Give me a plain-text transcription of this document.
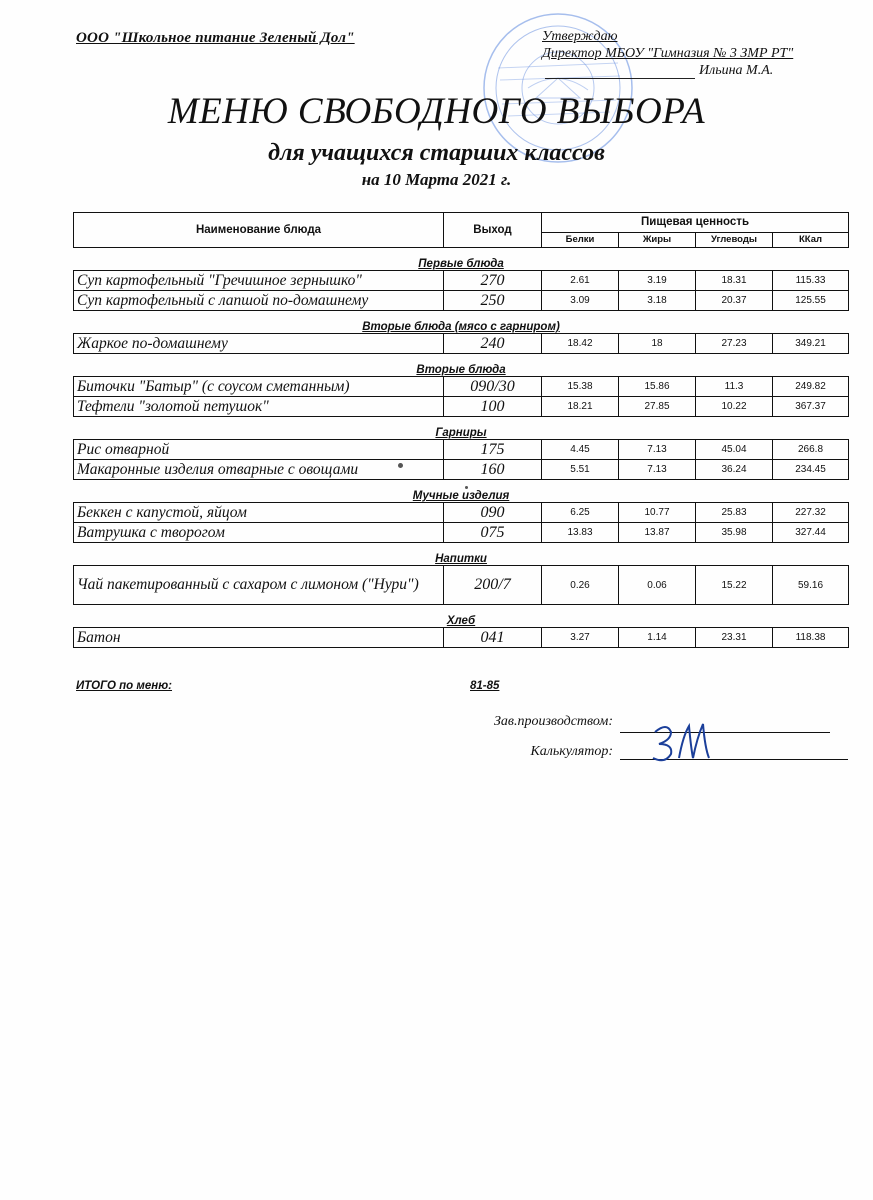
ООО "Школьное питание Зеленый Дол"	Утверждаю
Директор МБОУ "Гимназия № 3 ЗМР РТ"
Ильина М.А.
МЕНЮ СВОБОДНОГО ВЫБОРА
для учащихся старших классов
на 10 Марта 2021 г.
Наименование блюда	Выход	Пищевая ценность			
		Белки	Жиры	Углеводы	ККал
Первые блюда					
Суп картофельный "Гречишное зернышко"	270	2.61	3.19	18.31	115.33
Суп картофельный с лапшой по-домашнему	250	3.09	3.18	20.37	125.55
Вторые блюда (мясо с гарниром)					
Жаркое по-домашнему	240	18.42	18	27.23	349.21
Вторые блюда					
Биточки "Батыр" (с соусом сметанным)	090/30	15.38	15.86	11.3	249.82
Тефтели "золотой петушок"	100	18.21	27.85	10.22	367.37
Гарниры					
Рис отварной	175	4.45	7.13	45.04	266.8
Макаронные изделия отварные с овощами	160	5.51	7.13	36.24	234.45
Мучные изделия					
Беккен с капустой, яйцом	090	6.25	10.77	25.83	227.32
Ватрушка с творогом	075	13.83	13.87	35.98	327.44
Напитки					
Чай пакетированный с сахаром с лимоном ("Нури")	200/7	0.26	0.06	15.22	59.16
Хлеб					
Батон	041	3.27	1.14	23.31	118.38
ИТОГО по меню:	81-85
Зав.производством:
Калькулятор:
